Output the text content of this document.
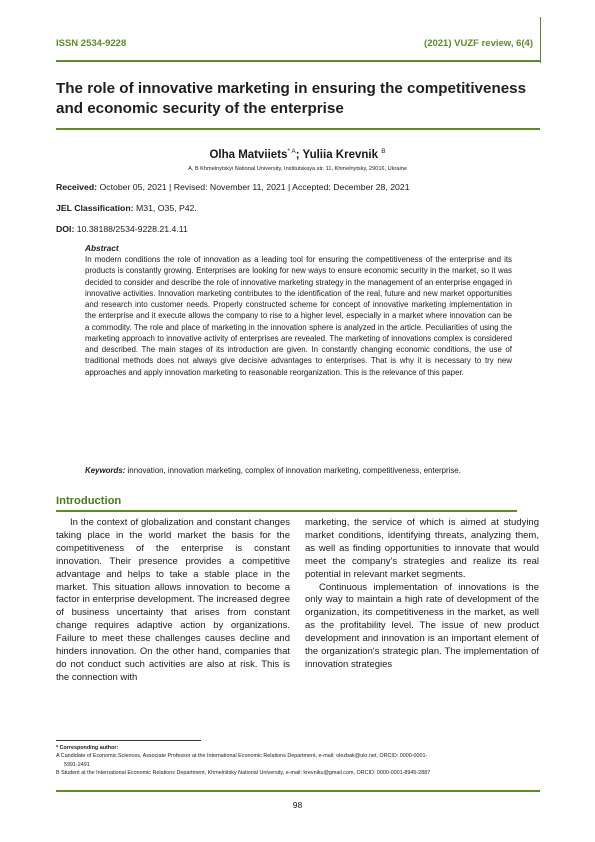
ISSN 2534-9228	(2021) VUZF review, 6(4)
The role of innovative marketing in ensuring the competitiveness and economic security of the enterprise
Olha Matviiets$^{* A}$; Yuliia Krevnik $^B$
A, B Khmelnytskyi National University, Institutskaya str. 11, Khmelnytsky, 29016, Ukraine
Received: October 05, 2021 | Revised: November 11, 2021 | Accepted: December 28, 2021
JEL Classification: M31, O35, P42.
DOI: 10.38188/2534-9228.21.4.11
Abstract
In modern conditions the role of innovation as a leading tool for ensuring the competitiveness of the enterprise and its products is constantly growing. Enterprises are looking for new ways to ensure economic security in the market, so it was decided to consider and describe the role of innovative marketing strategy in the management of an enterprise engaged in innovative activities. Innovation marketing contributes to the identification of the real, future and new market opportunities and research into customer needs. Properly constructed scheme for concept of innovative marketing implementation in the enterprise and it execute allows the company to rise to a higher level, especially in a market where innovation can be a commodity. The role and place of marketing in the innovation sphere is analyzed in the article. Peculiarities of using the marketing approach to innovative activity of enterprises are revealed. The marketing of innovations complex is considered and described. The main stages of its introduction are given. In constantly changing economic conditions, the use of traditional methods does not always give decisive advantages to enterprises. That is why it is necessary to try new approaches and apply innovation marketing to reasonable reorganization. This is the relevance of this paper.
Keywords: innovation, innovation marketing, complex of innovation marketing, competitiveness, enterprise.
Introduction

In the context of globalization and constant changes taking place in the world market the basis for the competitiveness of the enterprise is constant innovation. Their presence provides a competitive advantage and helps to take a stable place in the market. This situation allows innovation to become a factor in enterprise development. The increased degree of business uncertainty that arises from constant change requires adaptive action by organizations. Failure to meet these challenges causes decline and hinders innovation. On the other hand, companies that do not conduct such activities are also at risk. This is the connection with

marketing, the service of which is aimed at studying market conditions, identifying threats, analyzing them, as well as finding opportunities to innovate that would meet the company's strategies and realize its real potential in relevant market segments.

Continuous implementation of innovations is the only way to maintain a high rate of development of the organization, its competitiveness in the market, as well as the profitability level. The issue of new product development and innovation is an important element of the organization's strategic plan. The implementation of innovation strategies

* Corresponding author:

A Candidate of Economic Sciences, Associate Professor at the International Economic Relations Department, e-mail: olezbak@ukr.net, ORCID: 0000-0001-

5991-2491

B Student at the International Economic Relations Department, Khmelnitsky National University, e-mail: krevniku@gmail.com, ORCID: 0000-0001-8945-2887

98
